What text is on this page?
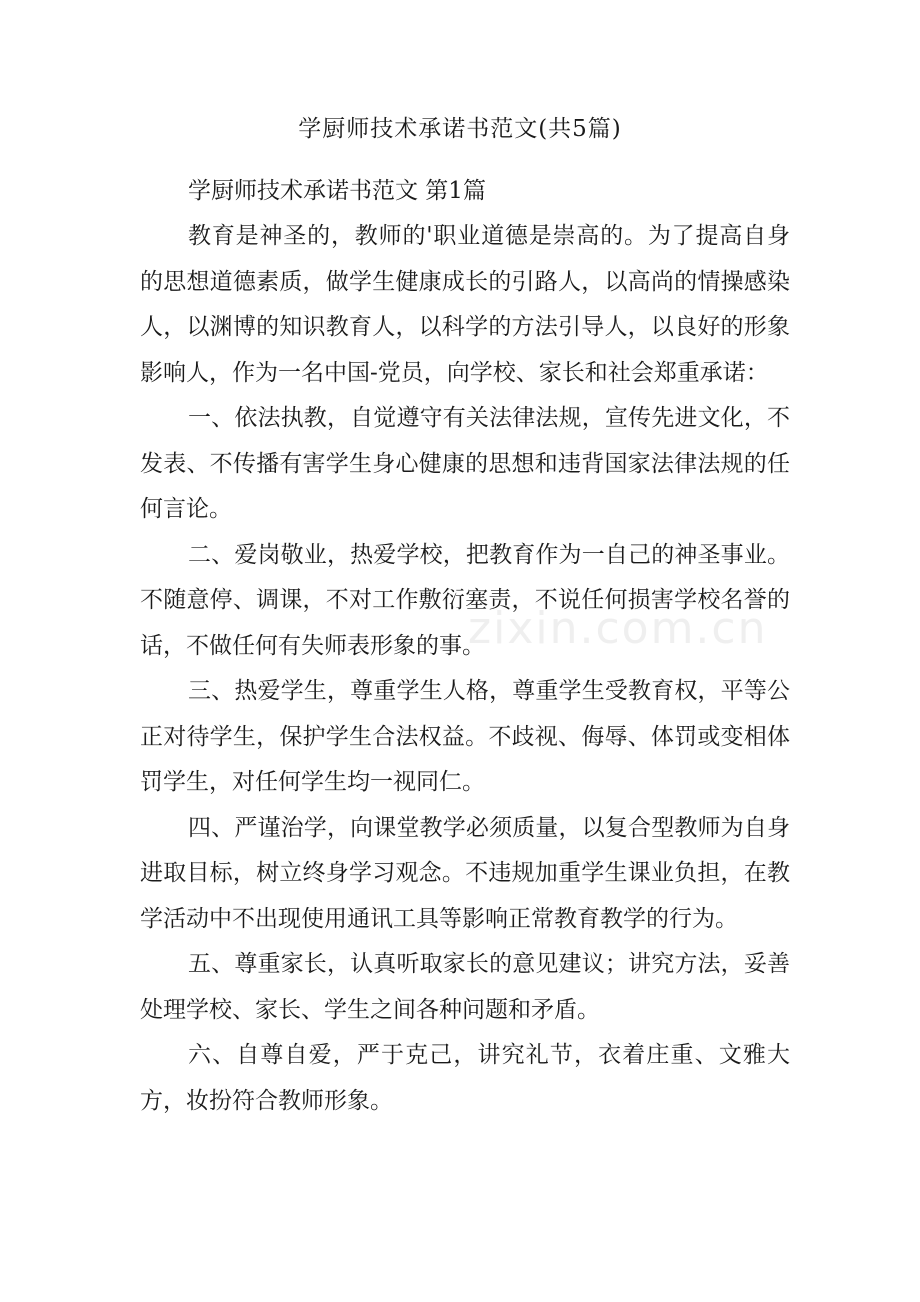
学厨师技术承诺书范文(共5篇)

学厨师技术承诺书范文 第1篇

教育是神圣的，教师的'职业道德是崇高的。为了提高自身的思想道德素质，做学生健康成长的引路人，以高尚的情操感染人，以渊博的知识教育人，以科学的方法引导人，以良好的形象影响人，作为一名中国-党员，向学校、家长和社会郑重承诺：

一、依法执教，自觉遵守有关法律法规，宣传先进文化，不发表、不传播有害学生身心健康的思想和违背国家法律法规的任何言论。

二、爱岗敬业，热爱学校，把教育作为一自己的神圣事业。不随意停、调课，不对工作敷衍塞责，不说任何损害学校名誉的话，不做任何有失师表形象的事。

三、热爱学生，尊重学生人格，尊重学生受教育权，平等公正对待学生，保护学生合法权益。不歧视、侮辱、体罚或变相体罚学生，对任何学生均一视同仁。

四、严谨治学，向课堂教学必须质量，以复合型教师为自身进取目标，树立终身学习观念。不违规加重学生课业负担，在教学活动中不出现使用通讯工具等影响正常教育教学的行为。

五、尊重家长，认真听取家长的意见建议；讲究方法，妥善处理学校、家长、学生之间各种问题和矛盾。

六、自尊自爱，严于克己，讲究礼节，衣着庄重、文雅大方，妆扮符合教师形象。

zixin.com.cn
